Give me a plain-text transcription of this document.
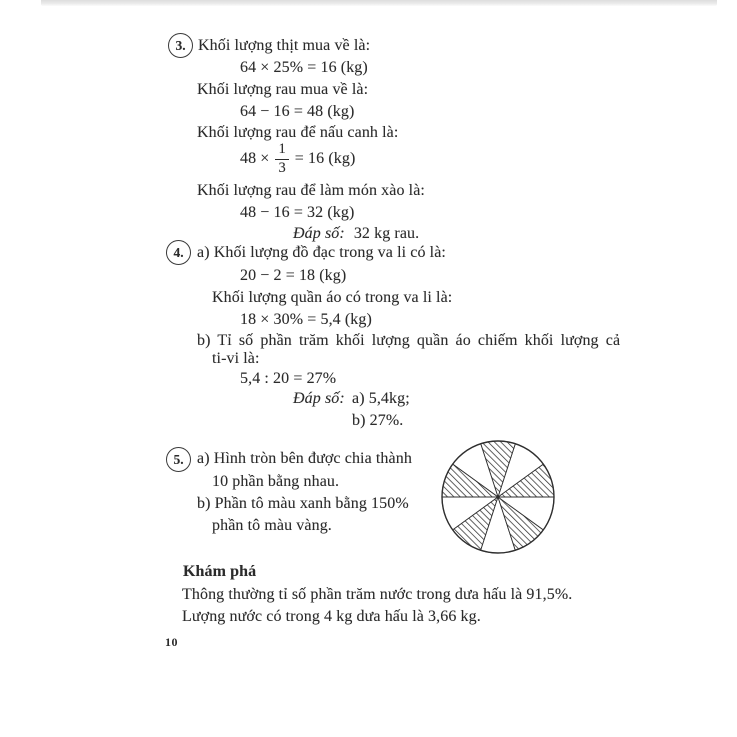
3. Khối lượng thịt mua về là:
64 × 25% = 16 (kg)
Khối lượng rau mua về là:
64 − 16 = 48 (kg)
Khối lượng rau để nấu canh là:
$48 \times \frac{1}{3} = 16$ (kg)
Khối lượng rau để làm món xào là:
48 − 16 = 32 (kg)
Đáp số: 32 kg rau.
4. a) Khối lượng đồ đạc trong va li có là:
20 − 2 = 18 (kg)
Khối lượng quần áo có trong va li là:
18 × 30% = 5,4 (kg)
b) Tỉ số phần trăm khối lượng quần áo chiếm khối lượng cả
ti-vi là:
5,4 : 20 = 27%
Đáp số: a) 5,4kg;
b) 27%.
5. a) Hình tròn bên được chia thành
10 phần bằng nhau.
b) Phần tô màu xanh bằng 150%
phần tô màu vàng.
Khám phá
Thông thường tỉ số phần trăm nước trong dưa hấu là 91,5%.
Lượng nước có trong 4 kg dưa hấu là 3,66 kg.
10
